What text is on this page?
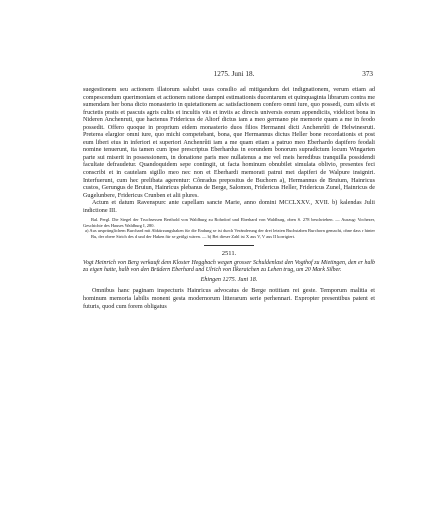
1275. Juni 18.	373

suegestionem seu actionem illatorum salubri usus consilio ad mitigandum dei indignationem, verum etiam ad compescendum querimoniam et actionem ratione dampni estimationis ducentarum et quinquaginta librarum contra me sumendam her bona dicto monasterio in quietationem ac satisfactionem confero omni iure, quo possedi, cum silvis et fructetis pratis et pascuis agris cultis et incultis viis et inviis ac direcis universis eorum appendiciis, videlicet bona in Nideren Anchenruti, que hactenus Fridericus de Altorf dictus iam a meo germano pie memorie quam a me in feodo possedit. Offero quoque in proprium eidem monasterio duos filios Hermanni dicti Anchenrûti de Helwinesruti. Preterea elargior omni iure, quo michi competebant, bona, que Hermannus dictus Heller bone recordationis et post eum liberi eius in inferiori et superiori Anchenrûti iam a me quam etiam a patruo meo Eberhardo dapifero feodali nomine tenuerunt, ita tamen cum ipse prescriptus Eberhardus in eorundem bonorum supradictum locum Wingarten parte sui miserit in possessionem, in donatione paris mee nullatenus a me vel meis heredibus tranquilla possidendi facultate defraudetur. Quandoquidem sepe contingit, ut facta hominum obnubilet simulata oblivio, presentes feci conscribi et in cautelam sigillo meo nec non et Eberhardi memorati patrui mei dapiferi de Walpure insigniri. Interfuerunt, cum hec prelibata agerentur: Cônradus prepositus de Buchorn a), Hermannus de Bruium, Hainricus custos, Gerungus de Bruiun, Hainricus plebanus de Berge, Salomon, Fridericus Heller, Fridericus Zunel, Hainricus de Gugelunbere, Fridericus Crunben et alii plures.

Actum et datum Ravenspurc ante capellam sancte Marie, anno domini MCCLXXV., XVII. b) kalendas Julii indictione III.

Bal. Pergl. Die Siegel der Truchsessen Berthold von Waldburg zu Rohrdorf und Eberhard von Waldburg, oben S. 278 beschrieben. — Auszug: Vochezer, Geschichte des Hauses Waldburg I, 280.

a) Aus ursprünglichem Burchard mit Abkürzungshaken für die Endung se ist durch Veränderung der drei letzten Buchstaben Burchorn gemacht, ohne dass r hinter Bu, der obere Strich des d und der Haken für se getilgt wären. — b) Bei dieser Zahl ist X aus V, V aus II korrigiert.

2511.

Vogt Heinrich von Berg verkauft dem Kloster Heggbach wegen grosser Schuldenlast den Vogthof zu Mietingen, den er halb zu eigen hatte, halb von den Brüdern Eberhard und Ulrich von Ilkeraichen zu Lehen trug, um 20 Mark Silber.

Ehingen 1275. Juni 18.

Omnibus hanc paginam inspecturis Hainricus advocatus de Berge notitiam rei geste. Temporum malitia et hominum memoria labilis monent gesta modernorum litterarum serie perhennari. Expropter presentibus patent et futuris, quod cum forem obligatus
